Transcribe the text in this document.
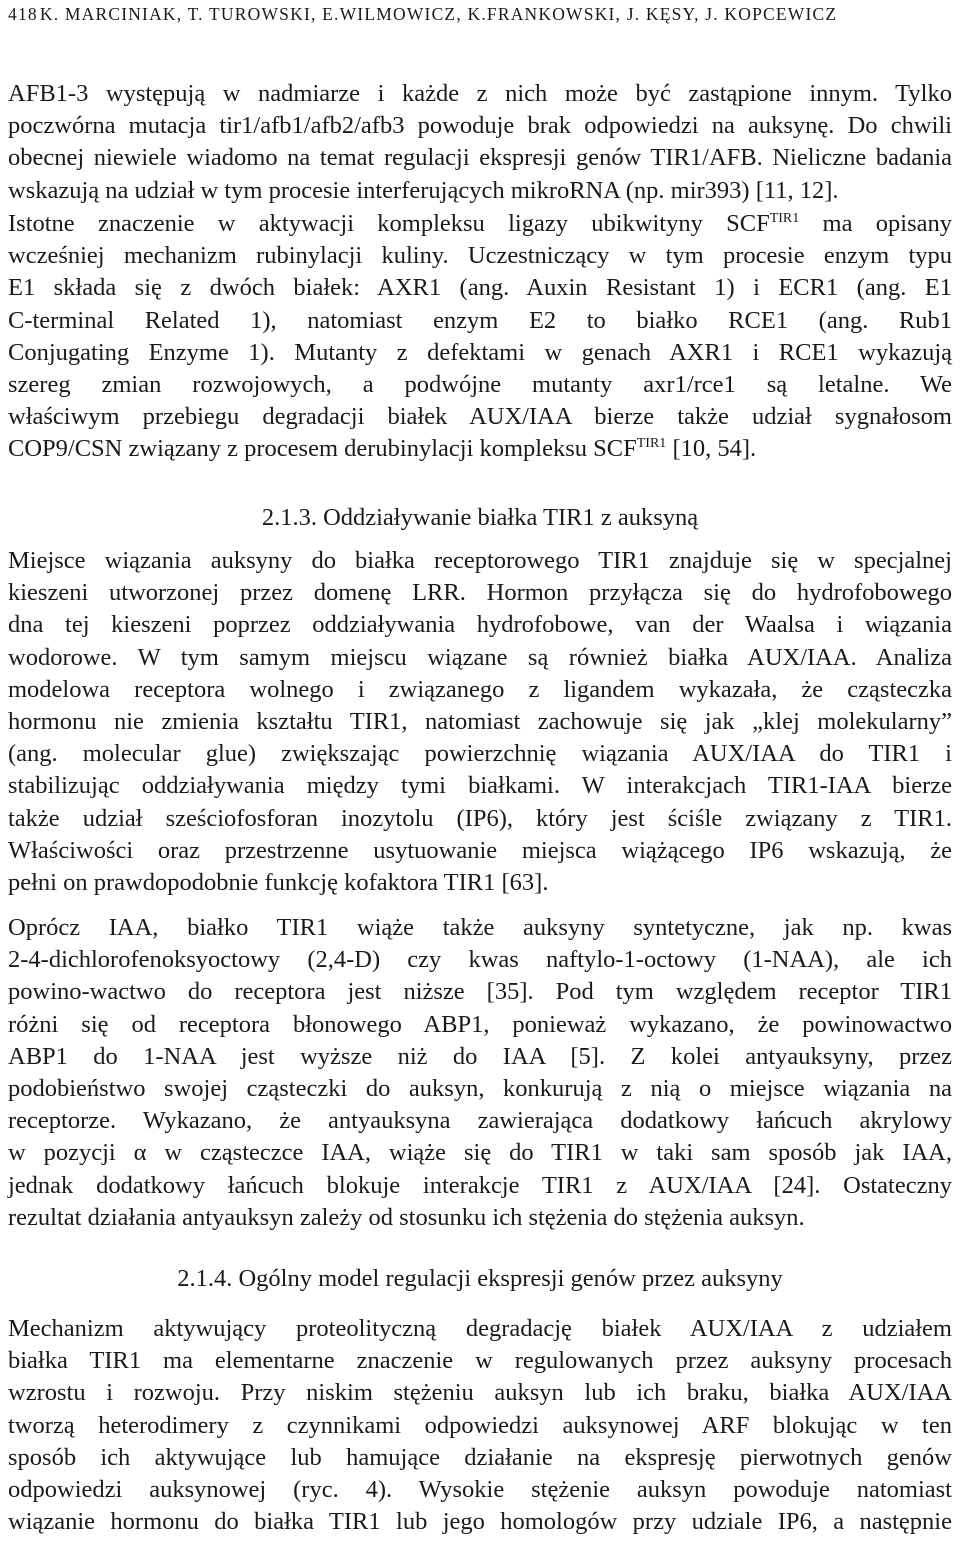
418 K. MARCINIAK, T. TUROWSKI, E.WILMOWICZ, K.FRANKOWSKI, J. KĘSY, J. KOPCEWICZ
AFB1-3 występują w nadmiarze i każde z nich może być zastąpione innym. Tylko
poczwórna mutacja tir1/afb1/afb2/afb3 powoduje brak odpowiedzi na auksynę. Do chwili
obecnej niewiele wiadomo na temat regulacji ekspresji genów TIR1/AFB. Nieliczne badania
wskazują na udział w tym procesie interferujących mikroRNA (np. mir393) [11, 12].
Istotne znaczenie w aktywacji kompleksu ligazy ubikwityny $SCF^{TIR1}$ ma opisany
wcześniej mechanizm rubinylacji kuliny. Uczestniczący w tym procesie enzym typu
E1 składa się z dwóch białek: AXR1 (ang. Auxin Resistant 1) i ECR1 (ang. E1
C-terminal Related 1), natomiast enzym E2 to białko RCE1 (ang. Rub1
Conjugating Enzyme 1). Mutanty z defektami w genach AXR1 i RCE1 wykazują
szereg zmian rozwojowych, a podwójne mutanty axr1/rce1 są letalne. We
właściwym przebiegu degradacji białek AUX/IAA bierze także udział sygnałosom
COP9/CSN związany z procesem derubinylacji kompleksu $SCF^{TIR1}$ [10, 54].
2.1.3. Oddziaływanie białka TIR1 z auksyną
Miejsce wiązania auksyny do białka receptorowego TIR1 znajduje się w specjalnej
kieszeni utworzonej przez domenę LRR. Hormon przyłącza się do hydrofobowego
dna tej kieszeni poprzez oddziaływania hydrofobowe, van der Waalsa i wiązania
wodorowe. W tym samym miejscu wiązane są również białka AUX/IAA. Analiza
modelowa receptora wolnego i związanego z ligandem wykazała, że cząsteczka
hormonu nie zmienia kształtu TIR1, natomiast zachowuje się jak „klej molekularny”
(ang. molecular glue) zwiększając powierzchnię wiązania AUX/IAA do TIR1 i
stabilizując oddziaływania między tymi białkami. W interakcjach TIR1-IAA bierze
także udział sześciofosforan inozytolu (IP6), który jest ściśle związany z TIR1.
Właściwości oraz przestrzenne usytuowanie miejsca wiążącego IP6 wskazują, że
pełni on prawdopodobnie funkcję kofaktora TIR1 [63].
Oprócz IAA, białko TIR1 wiąże także auksyny syntetyczne, jak np. kwas
2-4-dichlorofenoksyoctowy (2,4-D) czy kwas naftylo-1-octowy (1-NAA), ale ich
powino-wactwo do receptora jest niższe [35]. Pod tym względem receptor TIR1
różni się od receptora błonowego ABP1, ponieważ wykazano, że powinowactwo
ABP1 do 1-NAA jest wyższe niż do IAA [5]. Z kolei antyauksyny, przez
podobieństwo swojej cząsteczki do auksyn, konkurują z nią o miejsce wiązania na
receptorze. Wykazano, że antyauksyna zawierająca dodatkowy łańcuch akrylowy
w pozycji α w cząsteczce IAA, wiąże się do TIR1 w taki sam sposób jak IAA,
jednak dodatkowy łańcuch blokuje interakcje TIR1 z AUX/IAA [24]. Ostateczny
rezultat działania antyauksyn zależy od stosunku ich stężenia do stężenia auksyn.
2.1.4. Ogólny model regulacji ekspresji genów przez auksyny
Mechanizm aktywujący proteolityczną degradację białek AUX/IAA z udziałem
białka TIR1 ma elementarne znaczenie w regulowanych przez auksyny procesach
wzrostu i rozwoju. Przy niskim stężeniu auksyn lub ich braku, białka AUX/IAA
tworzą heterodimery z czynnikami odpowiedzi auksynowej ARF blokując w ten
sposób ich aktywujące lub hamujące działanie na ekspresję pierwotnych genów
odpowiedzi auksynowej (ryc. 4). Wysokie stężenie auksyn powoduje natomiast
wiązanie hormonu do białka TIR1 lub jego homologów przy udziale IP6, a następnie
